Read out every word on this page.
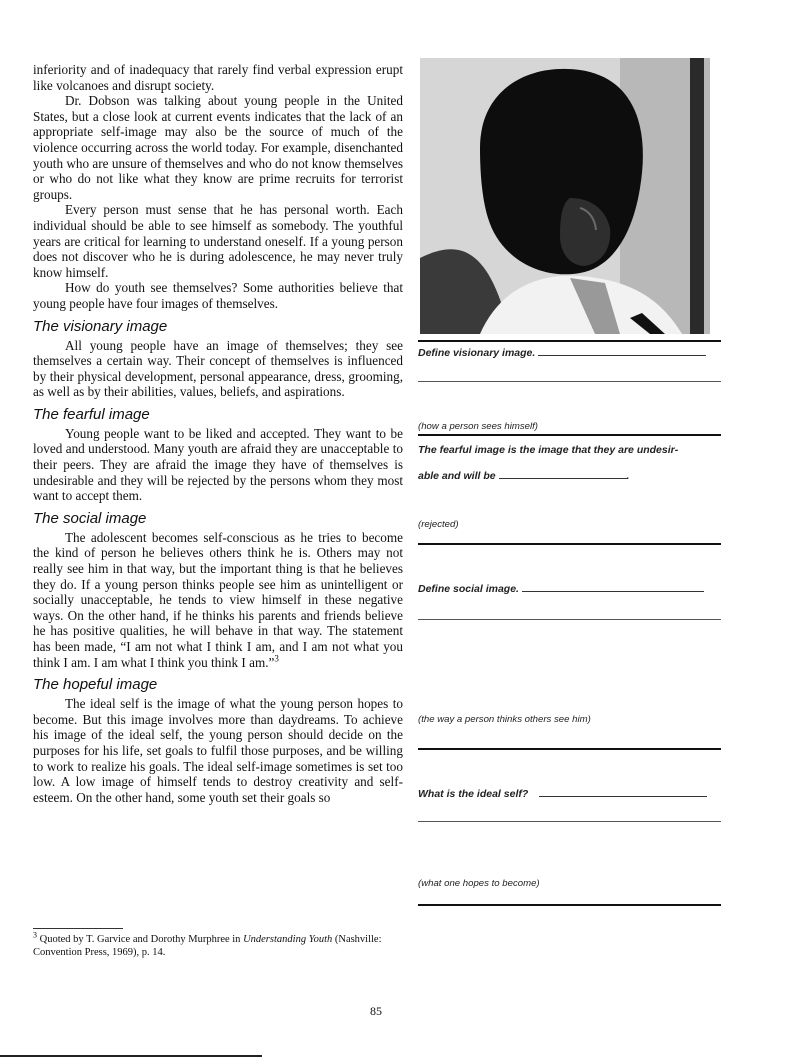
inferiority and of inadequacy that rarely find verbal expression erupt like volcanoes and disrupt society.

Dr. Dobson was talking about young people in the United States, but a close look at current events indicates that the lack of an appropriate self-image may also be the source of much of the violence occurring across the world today. For example, disenchanted youth who are unsure of themselves and who do not know themselves or who do not like what they know are prime recruits for terrorist groups.

Every person must sense that he has personal worth. Each individual should be able to see himself as somebody. The youthful years are critical for learning to understand oneself. If a young person does not discover who he is during adolescence, he may never truly know himself.

How do youth see themselves? Some authorities believe that young people have four images of themselves.

The visionary image

All young people have an image of themselves; they see themselves a certain way. Their concept of themselves is influenced by their physical development, personal appearance, dress, grooming, as well as by their abilities, values, beliefs, and aspirations.

The fearful image

Young people want to be liked and accepted. They want to be loved and understood. Many youth are afraid they are unacceptable to their peers. They are afraid the image they have of themselves is undesirable and they will be rejected by the persons whom they most want to accept them.

The social image

The adolescent becomes self-conscious as he tries to become the kind of person he believes others think he is. Others may not really see him in that way, but the important thing is that he believes they do. If a young person thinks people see him as unintelligent or socially unacceptable, he tends to view himself in these negative ways. On the other hand, if he thinks his parents and friends believe he has positive qualities, he will behave in that way. The statement has been made, “I am not what I think I am, and I am not what you think I am. I am what I think you think I am.”$^3$

The hopeful image

The ideal self is the image of what the young person hopes to become. But this image involves more than daydreams. To achieve his image of the ideal self, the young person should decide on the purposes for his life, set goals to fulfil those purposes, and be willing to work to realize his goals. The ideal self-image sometimes is set too low. A low image of himself tends to destroy creativity and self-esteem. On the other hand, some youth set their goals so

Define visionary image.
(how a person sees himself)
The fearful image is the image that they are undesir-
able and will be	.
(rejected)
Define social image.
(the way a person thinks others see him)
What is the ideal self?
(what one hopes to become)
$^3$ Quoted by T. Garvice and Dorothy Murphree in Understanding Youth (Nashville: Convention Press, 1969), p. 14.
85
